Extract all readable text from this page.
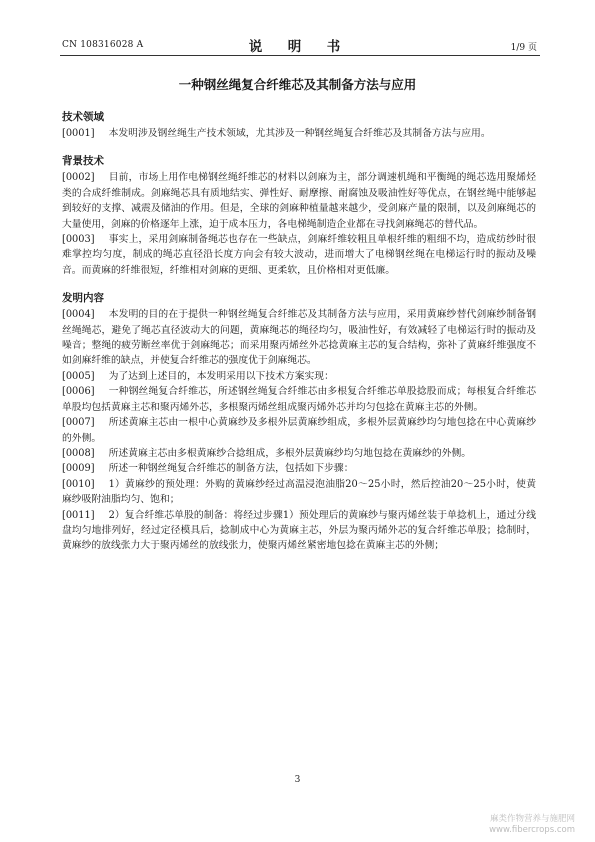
CN 108316028 A	说　明　书	1/9 页
一种钢丝绳复合纤维芯及其制备方法与应用
技术领域

[0001] 本发明涉及钢丝绳生产技术领域，尤其涉及一种钢丝绳复合纤维芯及其制备方法与应用。

背景技术

[0002] 目前，市场上用作电梯钢丝绳纤维芯的材料以剑麻为主，部分调速机绳和平衡绳的绳芯选用聚烯烃类的合成纤维制成。剑麻绳芯具有质地结实、弹性好、耐摩擦、耐腐蚀及吸油性好等优点，在钢丝绳中能够起到较好的支撑、减震及储油的作用。但是，全球的剑麻种植量越来越少，受剑麻产量的限制，以及剑麻绳芯的大量使用，剑麻的价格逐年上涨，迫于成本压力，各电梯绳制造企业都在寻找剑麻绳芯的替代品。

[0003] 事实上，采用剑麻制备绳芯也存在一些缺点，剑麻纤维较粗且单根纤维的粗细不均，造成纺纱时很难掌控均匀度，制成的绳芯直径沿长度方向会有较大波动，进而增大了电梯钢丝绳在电梯运行时的振动及噪音。而黄麻的纤维很短，纤维相对剑麻的更细、更柔软，且价格相对更低廉。

发明内容

[0004] 本发明的目的在于提供一种钢丝绳复合纤维芯及其制备方法与应用，采用黄麻纱替代剑麻纱制备钢丝绳绳芯，避免了绳芯直径波动大的问题，黄麻绳芯的绳径均匀，吸油性好，有效减轻了电梯运行时的振动及噪音；整绳的疲劳断丝率优于剑麻绳芯；而采用聚丙烯丝外芯捻黄麻主芯的复合结构，弥补了黄麻纤维强度不如剑麻纤维的缺点，并使复合纤维芯的强度优于剑麻绳芯。

[0005] 为了达到上述目的，本发明采用以下技术方案实现：

[0006] 一种钢丝绳复合纤维芯，所述钢丝绳复合纤维芯由多根复合纤维芯单股捻股而成；每根复合纤维芯单股均包括黄麻主芯和聚丙烯外芯，多根聚丙烯丝组成聚丙烯外芯并均匀包捻在黄麻主芯的外侧。

[0007] 所述黄麻主芯由一根中心黄麻纱及多根外层黄麻纱组成，多根外层黄麻纱均匀地包捻在中心黄麻纱的外侧。

[0008] 所述黄麻主芯由多根黄麻纱合捻组成，多根外层黄麻纱均匀地包捻在黄麻纱的外侧。

[0009] 所述一种钢丝绳复合纤维芯的制备方法，包括如下步骤：

[0010] 1）黄麻纱的预处理：外购的黄麻纱经过高温浸泡油脂20～25小时，然后控油20～25小时，使黄麻纱吸附油脂均匀、饱和；

[0011] 2）复合纤维芯单股的制备：将经过步骤1）预处理后的黄麻纱与聚丙烯丝装于单捻机上，通过分线盘均匀地排列好，经过定径模具后，捻制成中心为黄麻主芯，外层为聚丙烯外芯的复合纤维芯单股；捻制时，黄麻纱的放线张力大于聚丙烯丝的放线张力，使聚丙烯丝紧密地包捻在黄麻主芯的外侧；

3
麻类作物营养与施肥网
www.fibercrops.com
